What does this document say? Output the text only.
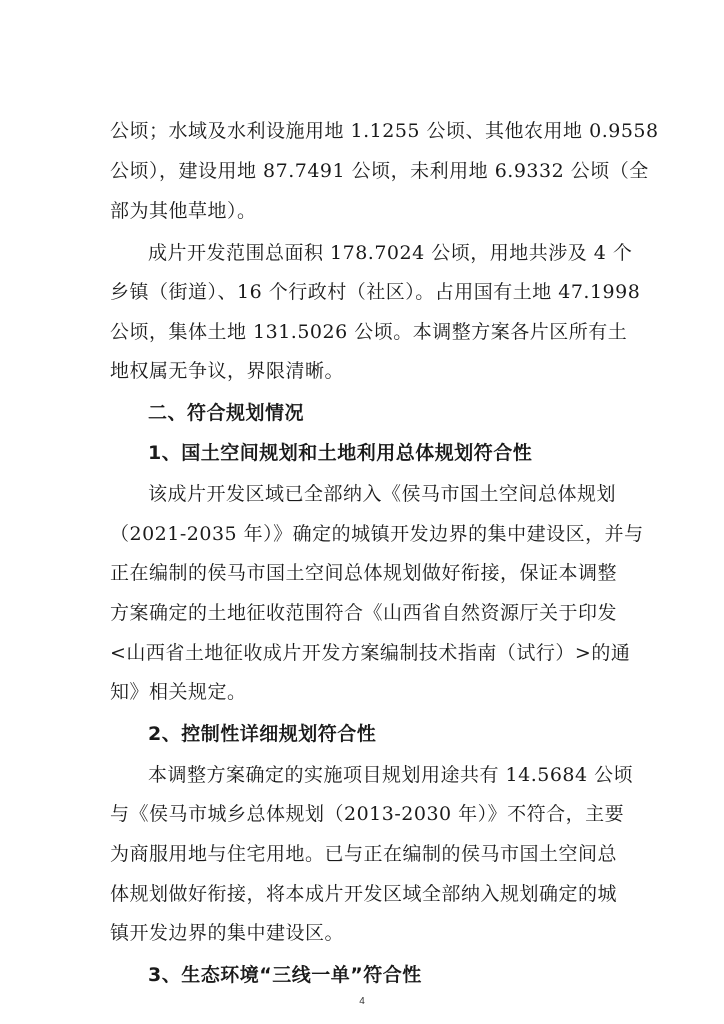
公顷；水域及水利设施用地 1.1255 公顷、其他农用地 0.9558
公顷），建设用地 87.7491 公顷，未利用地 6.9332 公顷（全
部为其他草地）。
成片开发范围总面积 178.7024 公顷，用地共涉及 4 个
乡镇（街道）、16 个行政村（社区）。占用国有土地 47.1998
公顷，集体土地 131.5026 公顷。本调整方案各片区所有土
地权属无争议，界限清晰。
二、符合规划情况
1、国土空间规划和土地利用总体规划符合性
该成片开发区域已全部纳入《侯马市国土空间总体规划
（2021-2035 年）》确定的城镇开发边界的集中建设区，并与
正在编制的侯马市国土空间总体规划做好衔接，保证本调整
方案确定的土地征收范围符合《山西省自然资源厅关于印发
<山西省土地征收成片开发方案编制技术指南（试行）>的通
知》相关规定。
2、控制性详细规划符合性
本调整方案确定的实施项目规划用途共有 14.5684 公顷
与《侯马市城乡总体规划（2013-2030 年）》不符合，主要
为商服用地与住宅用地。已与正在编制的侯马市国土空间总
体规划做好衔接，将本成片开发区域全部纳入规划确定的城
镇开发边界的集中建设区。
3、生态环境“三线一单”符合性
4
